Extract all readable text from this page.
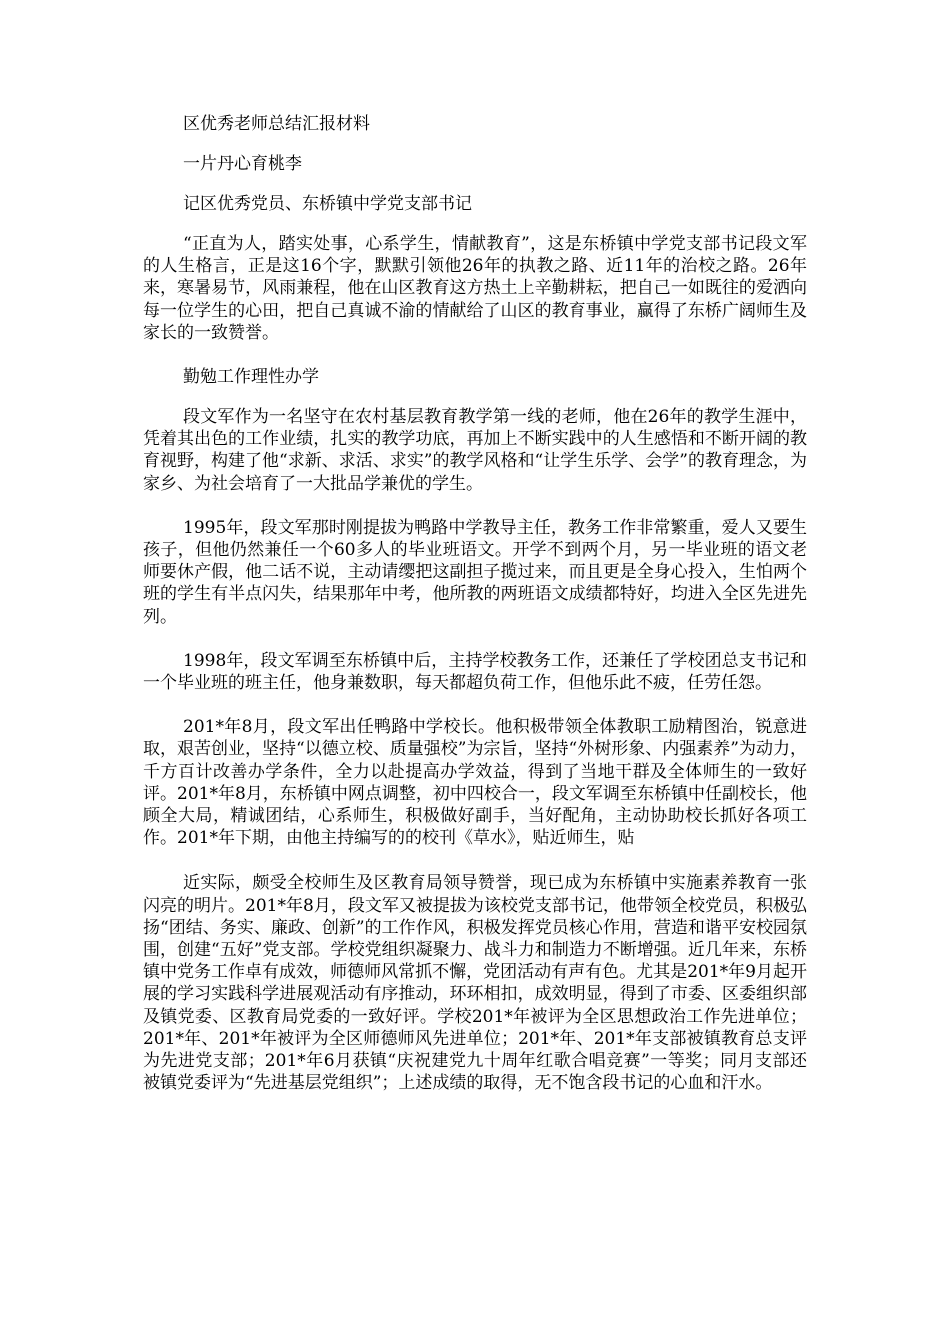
区优秀老师总结汇报材料
一片丹心育桃李
记区优秀党员、东桥镇中学党支部书记

“正直为人，踏实处事，心系学生，情献教育”，这是东桥镇中学党支部书记段文军的人生格言，正是这16个字，默默引领他26年的执教之路、近11年的治校之路。26年来，寒暑易节，风雨兼程，他在山区教育这方热土上辛勤耕耘，把自己一如既往的爱洒向每一位学生的心田，把自己真诚不渝的情献给了山区的教育事业，赢得了东桥广阔师生及家长的一致赞誉。

勤勉工作理性办学

段文军作为一名坚守在农村基层教育教学第一线的老师，他在26年的教学生涯中，凭着其出色的工作业绩，扎实的教学功底，再加上不断实践中的人生感悟和不断开阔的教育视野，构建了他“求新、求活、求实”的教学风格和“让学生乐学、会学”的教育理念，为家乡、为社会培育了一大批品学兼优的学生。

1995年，段文军那时刚提拔为鸭路中学教导主任，教务工作非常繁重，爱人又要生孩子，但他仍然兼任一个60多人的毕业班语文。开学不到两个月，另一毕业班的语文老师要休产假，他二话不说，主动请缨把这副担子揽过来，而且更是全身心投入，生怕两个班的学生有半点闪失，结果那年中考，他所教的两班语文成绩都特好，均进入全区先进先列。

1998年，段文军调至东桥镇中后，主持学校教务工作，还兼任了学校团总支书记和一个毕业班的班主任，他身兼数职，每天都超负荷工作，但他乐此不疲，任劳任怨。

201*年8月，段文军出任鸭路中学校长。他积极带领全体教职工励精图治，锐意进取，艰苦创业，坚持“以德立校、质量强校”为宗旨，坚持“外树形象、内强素养”为动力，千方百计改善办学条件，全力以赴提高办学效益，得到了当地干群及全体师生的一致好评。201*年8月，东桥镇中网点调整，初中四校合一，段文军调至东桥镇中任副校长，他顾全大局，精诚团结，心系师生，积极做好副手，当好配角，主动协助校长抓好各项工作。201*年下期，由他主持编写的的校刊《草水》，贴近师生，贴

近实际，颇受全校师生及区教育局领导赞誉，现已成为东桥镇中实施素养教育一张闪亮的明片。201*年8月，段文军又被提拔为该校党支部书记，他带领全校党员，积极弘扬“团结、务实、廉政、创新”的工作作风，积极发挥党员核心作用，营造和谐平安校园氛围，创建“五好”党支部。学校党组织凝聚力、战斗力和制造力不断增强。近几年来，东桥镇中党务工作卓有成效，师德师风常抓不懈，党团活动有声有色。尤其是201*年9月起开展的学习实践科学进展观活动有序推动，环环相扣，成效明显，得到了市委、区委组织部及镇党委、区教育局党委的一致好评。学校201*年被评为全区思想政治工作先进单位；201*年、201*年被评为全区师德师风先进单位；201*年、201*年支部被镇教育总支评为先进党支部；201*年6月获镇“庆祝建党九十周年红歌合唱竞赛”一等奖；同月支部还被镇党委评为“先进基层党组织”；上述成绩的取得，无不饱含段书记的心血和汗水。
